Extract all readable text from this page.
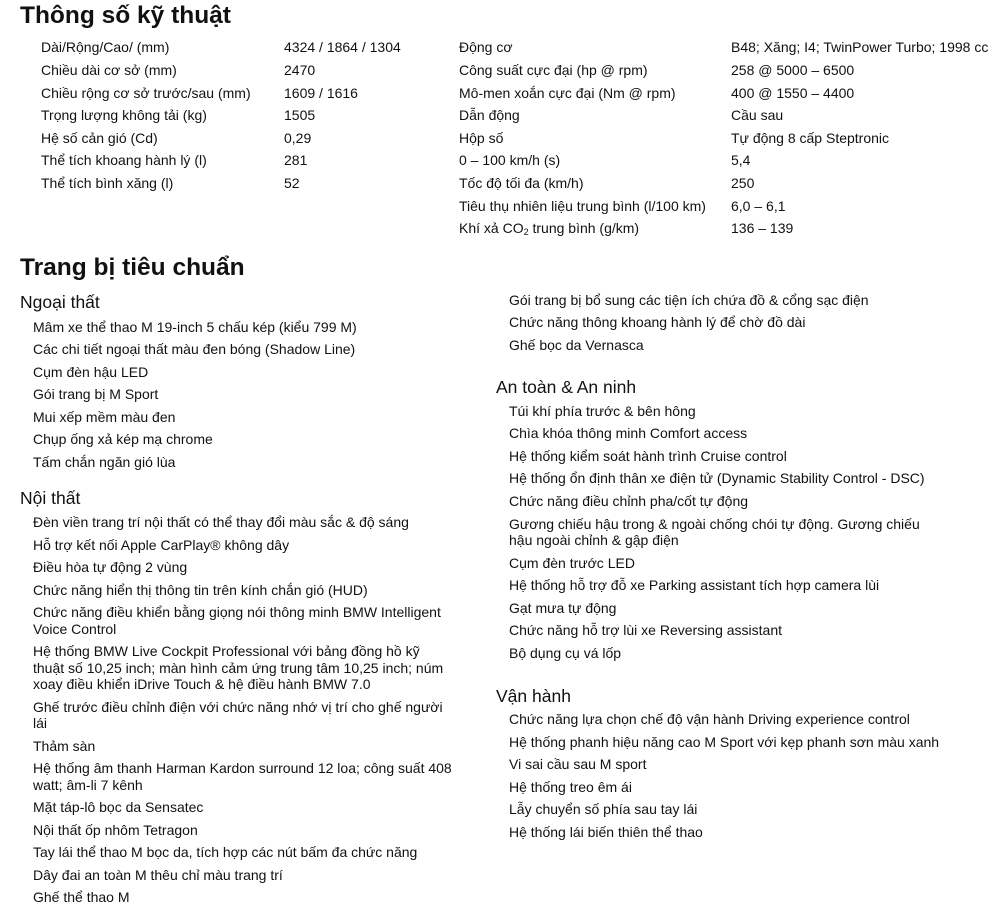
Thông số kỹ thuật
Trang bị tiêu chuẩn
Dài/Rộng/Cao/ (mm)	4324 / 1864 / 1304
Chiều dài cơ sở (mm)	2470
Chiều rộng cơ sở trước/sau (mm) 1609 / 1616
Trọng lượng không tải (kg)	1505
Hệ số cản gió (Cd)	0,29
Thể tích khoang hành lý (l)	281
Thể tích bình xăng (l)	52
Động cơ	B48; Xăng; I4; TwinPower Turbo; 1998 cc
Công suất cực đại (hp @ rpm)	258 @ 5000 – 6500
Mô-men xoắn cực đại (Nm @ rpm)	400 @ 1550 – 4400
Dẫn động	Cầu sau
Hộp số	Tự động 8 cấp Steptronic
0 – 100 km/h (s)	5,4
Tốc độ tối đa (km/h)	250
Tiêu thụ nhiên liệu trung bình (l/100 km) 6,0 – 6,1
Khí xả $CO_2$ trung bình (g/km)	136 – 139
Ngoại thất
Mâm xe thể thao M 19-inch 5 chấu kép (kiểu 799 M)
Các chi tiết ngoại thất màu đen bóng (Shadow Line)
Cụm đèn hậu LED
Gói trang bị M Sport
Mui xếp mềm màu đen
Chụp ống xả kép mạ chrome
Tấm chắn ngăn gió lùa
Nội thất
Đèn viền trang trí nội thất có thể thay đổi màu sắc & độ sáng
Hỗ trợ kết nối Apple CarPlay® không dây
Điều hòa tự động 2 vùng
Chức năng hiển thị thông tin trên kính chắn gió (HUD)
Chức năng điều khiển bằng giọng nói thông minh BMW Intelligent
Voice Control
Hệ thống BMW Live Cockpit Professional với bảng đồng hồ kỹ
thuật số 10,25 inch; màn hình cảm ứng trung tâm 10,25 inch; núm
xoay điều khiển iDrive Touch & hệ điều hành BMW 7.0
Ghế trước điều chỉnh điện với chức năng nhớ vị trí cho ghế người
lái
Thảm sàn
Hệ thống âm thanh Harman Kardon surround 12 loa; công suất 408
watt; âm-li 7 kênh
Mặt táp-lô bọc da Sensatec
Nội thất ốp nhôm Tetragon
Tay lái thể thao M bọc da, tích hợp các nút bấm đa chức năng
Dây đai an toàn M thêu chỉ màu trang trí
Ghế thể thao M
Gói trang bị bổ sung các tiện ích chứa đồ & cổng sạc điện
Chức năng thông khoang hành lý để chờ đồ dài
Ghế bọc da Vernasca
An toàn & An ninh
Túi khí phía trước & bên hông
Chìa khóa thông minh Comfort access
Hệ thống kiểm soát hành trình Cruise control
Hệ thống ổn định thân xe điện tử (Dynamic Stability Control - DSC)
Chức năng điều chỉnh pha/cốt tự động
Gương chiếu hậu trong & ngoài chống chói tự động. Gương chiếu
hậu ngoài chỉnh & gập điện
Cụm đèn trước LED
Hệ thống hỗ trợ đỗ xe Parking assistant tích hợp camera lùi
Gạt mưa tự động
Chức năng hỗ trợ lùi xe Reversing assistant
Bộ dụng cụ vá lốp
Vận hành
Chức năng lựa chọn chế độ vận hành Driving experience control
Hệ thống phanh hiệu năng cao M Sport với kẹp phanh sơn màu xanh
Vi sai cầu sau M sport
Hệ thống treo êm ái
Lẫy chuyển số phía sau tay lái
Hệ thống lái biến thiên thể thao
